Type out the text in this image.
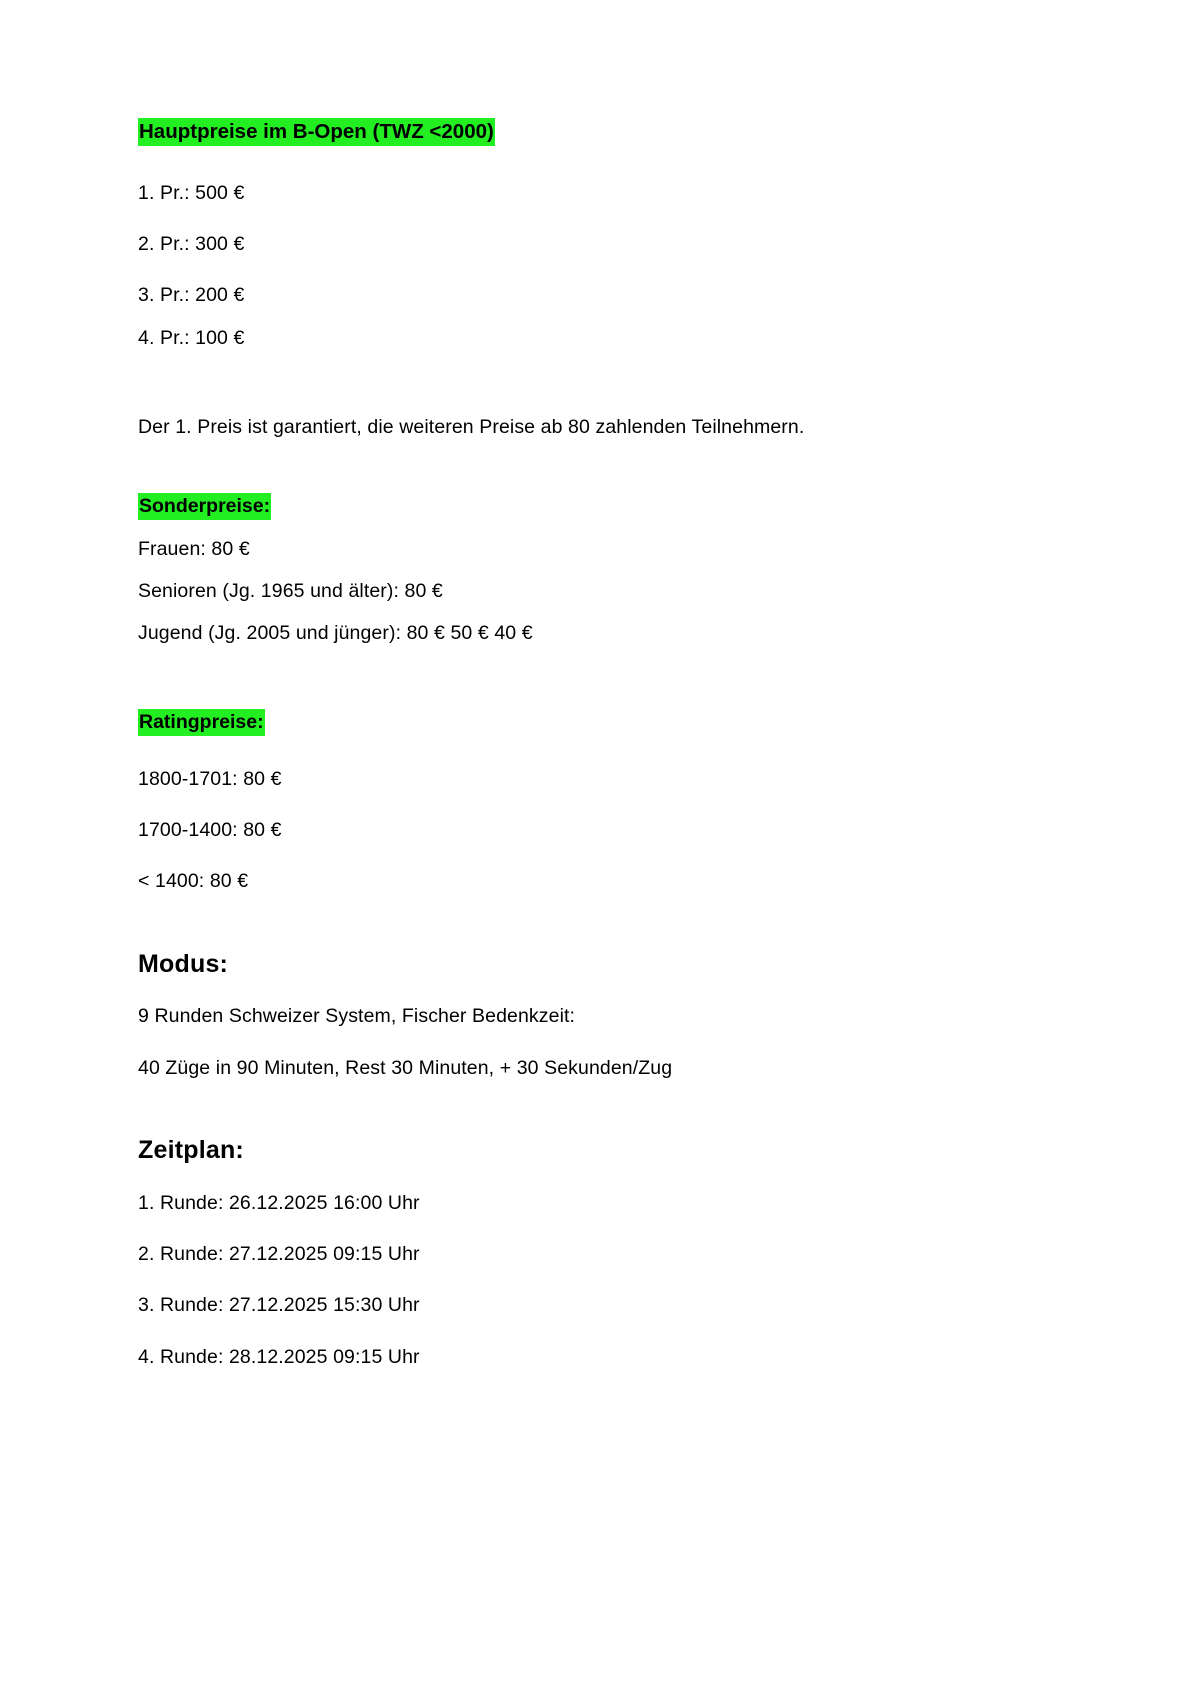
Hauptpreise im B-Open (TWZ <2000)

1. Pr.: 500 €

2. Pr.: 300 €

3. Pr.: 200 €

4. Pr.: 100 €

Der 1. Preis ist garantiert, die weiteren Preise ab 80 zahlenden Teilnehmern.

Sonderpreise:

Frauen: 80 €

Senioren (Jg. 1965 und älter): 80 €

Jugend (Jg. 2005 und jünger): 80 € 50 € 40 €

Ratingpreise:

1800-1701: 80 €

1700-1400: 80 €

< 1400: 80 €

Modus:

9 Runden Schweizer System, Fischer Bedenkzeit:

40 Züge in 90 Minuten, Rest 30 Minuten, + 30 Sekunden/Zug

Zeitplan:

1. Runde: 26.12.2025 16:00 Uhr

2. Runde: 27.12.2025 09:15 Uhr

3. Runde: 27.12.2025 15:30 Uhr

4. Runde: 28.12.2025 09:15 Uhr
